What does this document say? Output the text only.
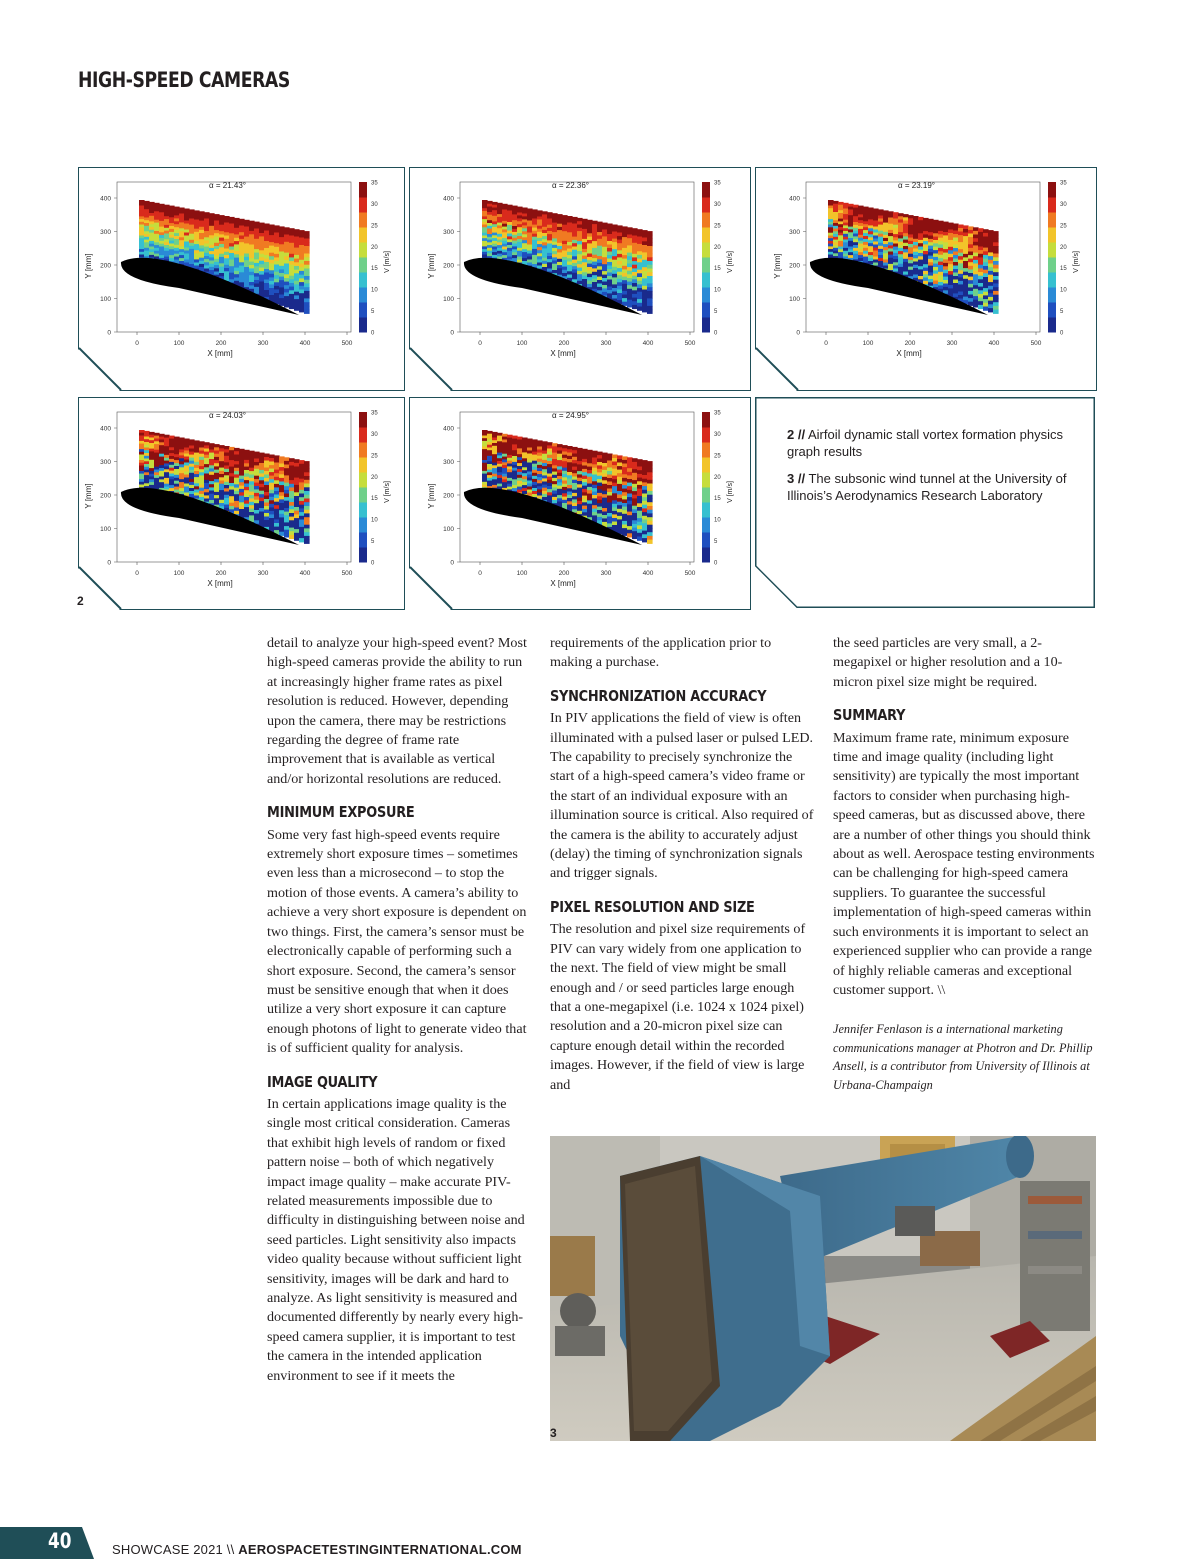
HIGH-SPEED CAMERAS
α = 21.43°
0	100	200	300	400	500
X [mm]
0
100
200
300
400
Y [mm]
0
5
10
15
20
25
30
35
V [m/s]
α = 22.36°
0	100	200	300	400	500
X [mm]
0
100
200
300
400
Y [mm]
0
5
10
15
20
25
30
35
V [m/s]
α = 23.19°
0	100	200	300	400	500
X [mm]
0
100
200
300
400
Y [mm]
0
5
10
15
20
25
30
35
V [m/s]
α = 24.03°
0	100	200	300	400	500
X [mm]
0
100
200
300
400
Y [mm]
0
5
10
15
20
25
30
35
V [m/s]
α = 24.95°
0	100	200	300	400	500
X [mm]
0
100
200
300
400
Y [mm]
0
5
10
15
20
25
30
35
V [m/s]
2 // Airfoil dynamic stall vortex formation physics graph results
3 // The subsonic wind tunnel at the University of Illinois’s Aerodynamics Research Laboratory
2

detail to analyze your high-speed event? Most high-speed cameras provide the ability to run at increasingly higher frame rates as pixel resolution is reduced. However, depending upon the camera, there may be restrictions regarding the degree of frame rate improvement that is available as vertical and/or horizontal resolutions are reduced.

MINIMUM EXPOSURE

Some very fast high-speed events require extremely short exposure times – sometimes even less than a microsecond – to stop the motion of those events. A camera’s ability to achieve a very short exposure is dependent on two things. First, the camera’s sensor must be electronically capable of performing such a short exposure. Second, the camera’s sensor must be sensitive enough that when it does utilize a very short exposure it can capture enough photons of light to generate video that is of sufficient quality for analysis.

IMAGE QUALITY

In certain applications image quality is the single most critical consideration. Cameras that exhibit high levels of random or fixed pattern noise – both of which negatively impact image quality – make accurate PIV-related measurements impossible due to difficulty in distinguishing between noise and seed particles. Light sensitivity also impacts video quality because without sufficient light sensitivity, images will be dark and hard to analyze. As light sensitivity is measured and documented differently by nearly every high-speed camera supplier, it is important to test the camera in the intended application environment to see if it meets the

requirements of the application prior to making a purchase.

SYNCHRONIZATION ACCURACY

In PIV applications the field of view is often illuminated with a pulsed laser or pulsed LED. The capability to precisely synchronize the start of a high-speed camera’s video frame or the start of an individual exposure with an illumination source is critical. Also required of the camera is the ability to accurately adjust (delay) the timing of synchronization signals and trigger signals.

PIXEL RESOLUTION AND SIZE

The resolution and pixel size requirements of PIV can vary widely from one application to the next. The field of view might be small enough and / or seed particles large enough that a one-megapixel (i.e. 1024 x 1024 pixel) resolution and a 20-micron pixel size can capture enough detail within the recorded images. However, if the field of view is large and

the seed particles are very small, a 2-megapixel or higher resolution and a 10-micron pixel size might be required.

SUMMARY

Maximum frame rate, minimum exposure time and image quality (including light sensitivity) are typically the most important factors to consider when purchasing high-speed cameras, but as discussed above, there are a number of other things you should think about as well. Aerospace testing environments can be challenging for high-speed camera suppliers. To guarantee the successful implementation of high-speed cameras within such environments it is important to select an experienced supplier who can provide a range of highly reliable cameras and exceptional customer support. \\

Jennifer Fenlason is a international marketing communications manager at Photron and Dr. Phillip Ansell, is a contributor from University of Illinois at Urbana-Champaign

3
40	SHOWCASE 2021 \\ AEROSPACETESTINGINTERNATIONAL.COM
